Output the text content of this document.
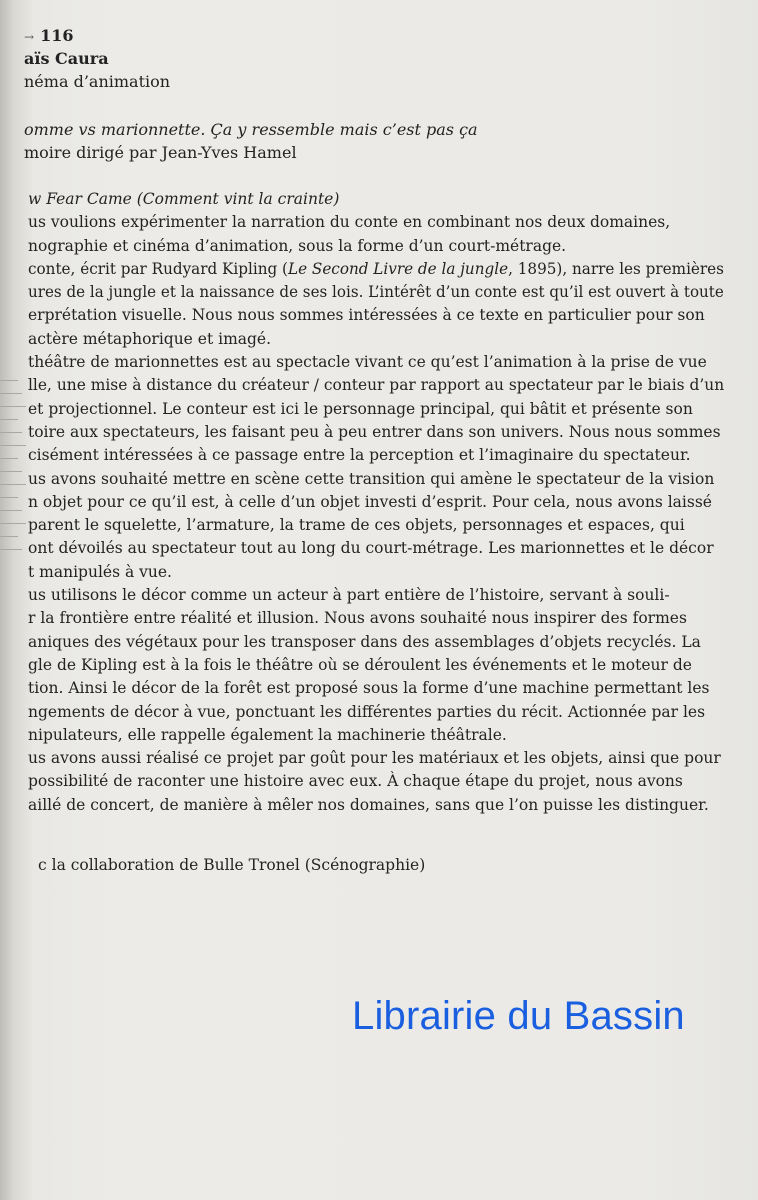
→ 116
aïs Caura
néma d’animation
omme vs marionnette. Ça y ressemble mais c’est pas ça
moire dirigé par Jean-Yves Hamel
w Fear Came (Comment vint la crainte)
us voulions expérimenter la narration du conte en combinant nos deux domaines,
nographie et cinéma d’animation, sous la forme d’un court-métrage.
conte, écrit par Rudyard Kipling (Le Second Livre de la jungle, 1895), narre les premières
ures de la jungle et la naissance de ses lois. L’intérêt d’un conte est qu’il est ouvert à toute
erprétation visuelle. Nous nous sommes intéressées à ce texte en particulier pour son
actère métaphorique et imagé.
théâtre de marionnettes est au spectacle vivant ce qu’est l’animation à la prise de vue
lle, une mise à distance du créateur / conteur par rapport au spectateur par le biais d’un
et projectionnel. Le conteur est ici le personnage principal, qui bâtit et présente son
toire aux spectateurs, les faisant peu à peu entrer dans son univers. Nous nous sommes
cisément intéressées à ce passage entre la perception et l’imaginaire du spectateur.
us avons souhaité mettre en scène cette transition qui amène le spectateur de la vision
n objet pour ce qu’il est, à celle d’un objet investi d’esprit. Pour cela, nous avons laissé
parent le squelette, l’armature, la trame de ces objets, personnages et espaces, qui
ont dévoilés au spectateur tout au long du court-métrage. Les marionnettes et le décor
t manipulés à vue.
us utilisons le décor comme un acteur à part entière de l’histoire, servant à souli-
r la frontière entre réalité et illusion. Nous avons souhaité nous inspirer des formes
aniques des végétaux pour les transposer dans des assemblages d’objets recyclés. La
gle de Kipling est à la fois le théâtre où se déroulent les événements et le moteur de
tion. Ainsi le décor de la forêt est proposé sous la forme d’une machine permettant les
ngements de décor à vue, ponctuant les différentes parties du récit. Actionnée par les
nipulateurs, elle rappelle également la machinerie théâtrale.
us avons aussi réalisé ce projet par goût pour les matériaux et les objets, ainsi que pour
possibilité de raconter une histoire avec eux. À chaque étape du projet, nous avons
aillé de concert, de manière à mêler nos domaines, sans que l’on puisse les distinguer.
c la collaboration de Bulle Tronel (Scénographie)
Librairie du Bassin
